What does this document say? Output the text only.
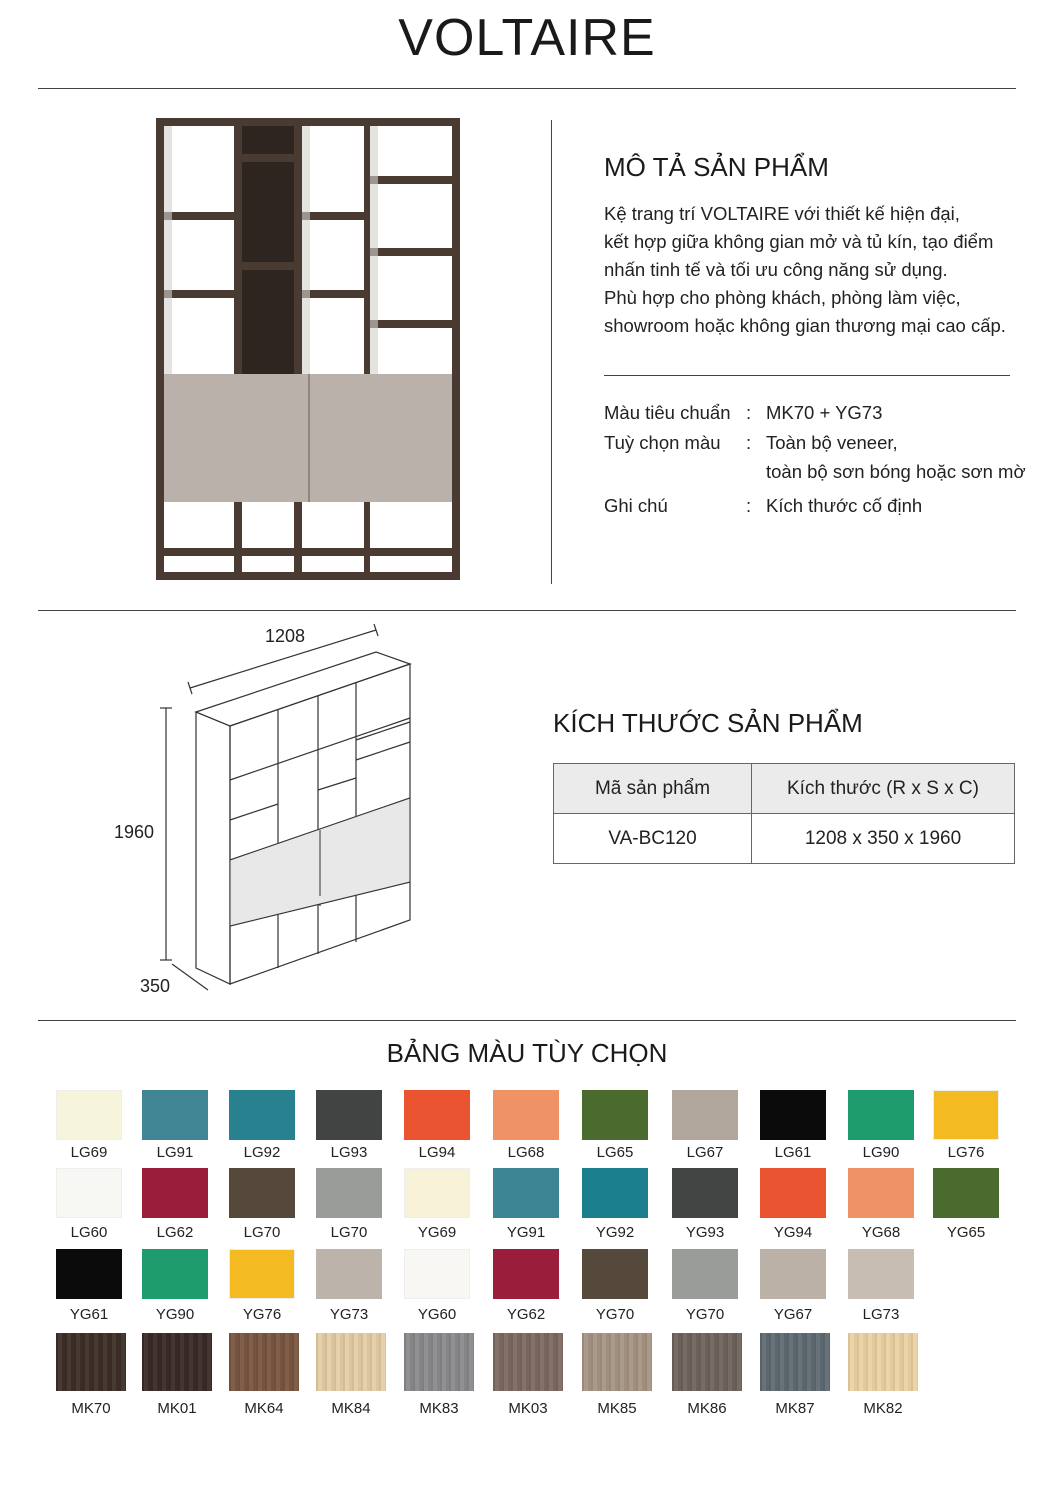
VOLTAIRE
MÔ TẢ SẢN PHẨM
Kệ trang trí VOLTAIRE với thiết kế hiện đại,
kết hợp giữa không gian mở và tủ kín, tạo điểm
nhấn tinh tế và tối ưu công năng sử dụng.
Phù hợp cho phòng khách, phòng làm việc,
showroom hoặc không gian thương mại cao cấp.
Màu tiêu chuẩn : MK70 + YG73
Tuỳ chọn màu : Toàn bộ veneer,
toàn bộ sơn bóng hoặc sơn mờ
Ghi chú	: Kích thước cố định
1208
1960
350
KÍCH THƯỚC SẢN PHẨM
Mã sản phẩm	Kích thước (R x S x C)
VA-BC120	1208 x 350 x 1960
BẢNG MÀU TÙY CHỌN
LG69	LG91	LG92	LG93	LG94	LG68	LG65	LG67	LG61	LG90	LG76
LG60	LG62	LG70	LG70	YG69	YG91	YG92	YG93	YG94	YG68	YG65
YG61	YG90	YG76	YG73	YG60	YG62	YG70	YG70	YG67	LG73
MK70	MK01	MK64	MK84	MK83	MK03	MK85	MK86	MK87	MK82
